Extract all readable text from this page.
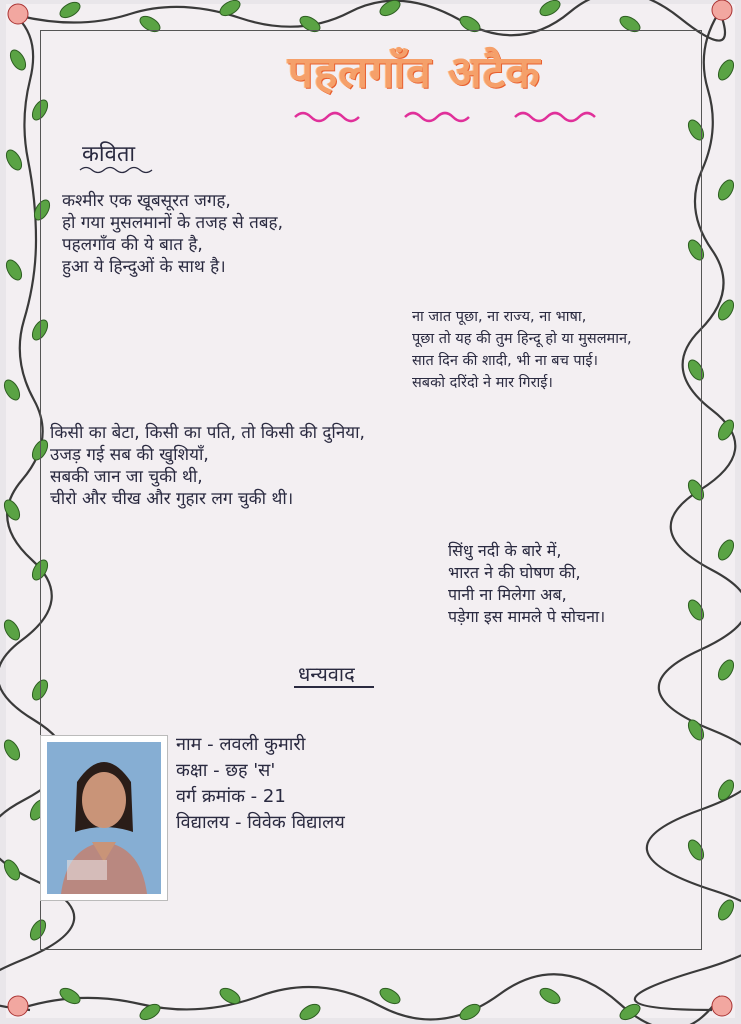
पहलगाँव अटैक
कविता
कश्मीर एक खूबसूरत जगह,
हो गया मुसलमानों के तजह से तबह,
पहलगाँव की ये बात है,
हुआ ये हिन्दुओं के साथ है।
ना जात पूछा, ना राज्य, ना भाषा,
पूछा तो यह की तुम हिन्दू हो या मुसलमान,
सात दिन की शादी, भी ना बच पाई।
सबको दरिंदो ने मार गिराई।
किसी का बेटा, किसी का पति, तो किसी की दुनिया,
उजड़ गई सब की खुशियाँ,
सबकी जान जा चुकी थी,
चीरो और चीख और गुहार लग चुकी थी।
सिंधु नदी के बारे में,
भारत ने की घोषण की,
पानी ना मिलेगा अब,
पड़ेगा इस मामले पे सोचना।
धन्यवाद
नाम - लवली कुमारी
कक्षा - छह 'स'
वर्ग क्रमांक - 21
विद्यालय - विवेक विद्यालय
